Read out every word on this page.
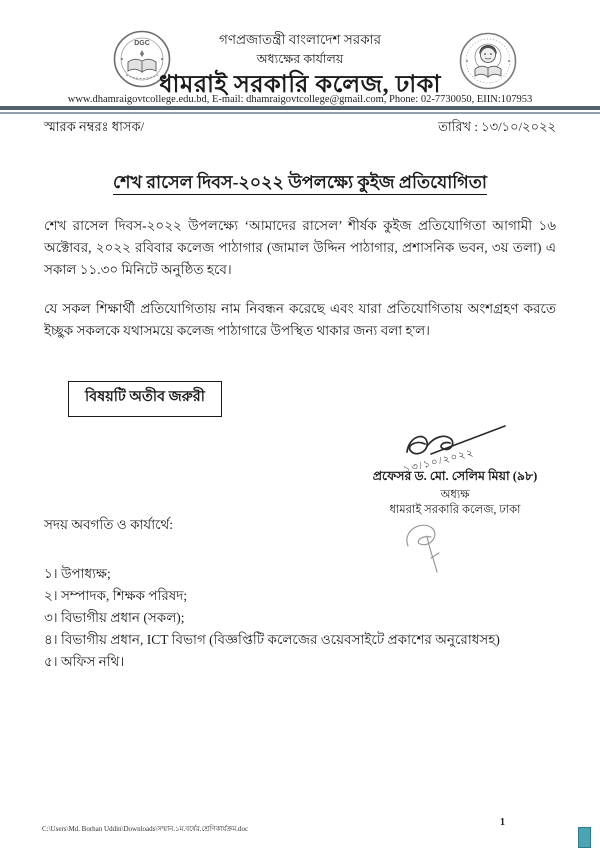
DGC	গণপ্রজাতন্ত্রী বাংলাদেশ সরকার
অধ্যক্ষের কার্যালয়
ধামরাই সরকারি কলেজ, ঢাকা
www.dhamraigovtcollege.edu.bd, E-mail: dhamraigovtcollege@gmail.com, Phone: 02-7730050, EIIN:107953
স্মারক নম্বরঃ ধাসক/	তারিখ : ১৩/১০/২০২২
শেখ রাসেল দিবস-২০২২ উপলক্ষ্যে কুইজ প্রতিযোগিতা
শেখ রাসেল দিবস-২০২২ উপলক্ষ্যে ‘আমাদের রাসেল’ শীর্ষক কুইজ প্রতিযোগিতা আগামী ১৬ অক্টোবর, ২০২২ রবিবার কলেজ পাঠাগার (জামাল উদ্দিন পাঠাগার, প্রশাসনিক ভবন, ৩য় তলা) এ সকাল ১১.৩০ মিনিটে অনুষ্ঠিত হবে।
যে সকল শিক্ষার্থী প্রতিযোগিতায় নাম নিবন্ধন করেছে এবং যারা প্রতিযোগিতায় অংশগ্রহণ করতে ইচ্ছুক সকলকে যথাসময়ে কলেজ পাঠাগারে উপস্থিত থাকার জন্য বলা হ'ল।
বিষয়টি অতীব জরুরী
১৩/১০/২০২২
প্রফেসর ড. মো. সেলিম মিয়া (৯৮)
অধ্যক্ষ
ধামরাই সরকারি কলেজ, ঢাকা
সদয় অবগতি ও কার্যার্থে:
১। উপাধ্যক্ষ;
২। সম্পাদক, শিক্ষক পরিষদ;
৩। বিভাগীয় প্রধান (সকল);
৪। বিভাগীয় প্রধান, ICT বিভাগ (বিজ্ঞপ্তিটি কলেজের ওয়েবসাইটে প্রকাশের অনুরোধসহ)
৫। অফিস নথি।
C:\Users\Md. Borhan Uddin\Downloads\সম্মান.১ম.বর্ষের.শ্রেণিকার্যক্রম.doc
1
